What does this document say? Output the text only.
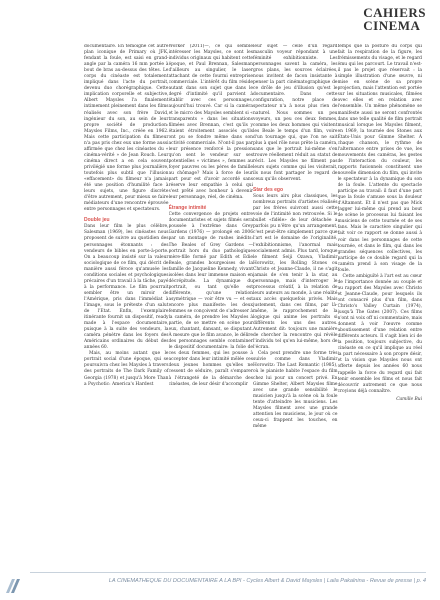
CAHIERS
CINEMA

documentaire. En témoigne cet autre plan iconique de Primary où JFK, fendant la foule, est saisi en grand-angle par la caméra 16 mm portée à bout de bras au-dessus des têtes. Le corps du cinéaste est totalement impliqué dans l'acte du portrait, devenu duo chorégraphique. Cette implication corporelle et subjective, Albert Maysles l'a finalement intimement pleinement dans les films réalisés avec son frère David, ingénieur du son, au sein de leur propre société de production: Maysles Films, Inc., créée en 1962. Mais cette participation du filmeur n'a pas pris chez eux une forme aussi affirmée que chez les cinéastes du « cinéma-vérité » de Jean Rouch. Leur cinéma direct a en cela souvent privilégié une forme plus journalière, toutefois plus subtil que l'illusion «effacement» du filmeur n'a jamais été une position d'humilité face à leurs sujets, une figure discrète d'être autrement, pour mieux se faire médiateurs d'une rencontre éprouvée entre personnages et spectateurs.

Double jeu

Dans leur film le plus célèbre, Salesman (1969), les cinéastes nous proposent de suivre au quotidien des personnages étonnants : des vendeurs de bibles en porte-à-porte. On a beaucoup insisté sur la valeur sociologique de ce film, qui décrit de manière aussi féroce qu'amusée les conditions sociales et psychologiques précaires d'un travail à la tâche, payé à la performance. Le film pourrait sembler être un miroir de l'Amérique, pris dans l'immédiat à l'image, sous le prétexte d'un salut de l'Etat. Enfin, l'exemplaire itinérante fournit un dispositif, ready made à l'espace documentaire, puisque à la suite des vendeurs, la caméra pénètre dans les foyers des Américains ordinaires du début des années 60.

Mais, au moins autant que le portrait social d'une époque, qui se poursuivra chez les Maysles à travers des portraits de The Dark Family of Georgia (1978) et jusqu'à More Than a Psychotic: America's Hardest

Worker (2011)—, ce qui semble intéresser les Maysles, ce sont les individus originaux qui habitent cette époque, et Paul Brennan, Salesman d'ailleurs au singulier, le laser attachant de cette fourmi entreprise commerciale. L'intérêt du film réside autant dans son sujet que dans le degré d'intimité qu'il parvient à établir avec ces personnages, aujourd'hui trouvé. Car si la caméra et le micro des Maysles semblent si « transparents » dans les situations filmées avec Brennan, c'est qu'ils y étaient étroitement associés qu'ils ont pu se fondre même dans son activité commerciale. N'ont-il pas par leur présence renforcé la pression qu'on sent le vendeur sur ses potentielles « victimes », femmes au foyer pauvres ou les pères de famille au chômage? Mais à force de leur part pour est d'avoir accordé sans réserve leur empathie à celui qui s'est prêté avec bonheur à devenir leur personnage, réel, de cinéma.

Étrange intimité

Cette convergence de projets entre documentaristes et sujets filmés sera poussée à l'extrême dans Grey Gardens (1976) — prolongé en 2006 par un montage de rushes inédits: The Beales of Grey Gardens — portrait hors du duo pathologique mère-fille formé par Edith et Edie Beale, grandes bourgeoises de la famille de Jacqueline Kennedy, vivant isolées dans leur immense maison en décrépitude. La dynamique du portrait, ou tant qu'elle est différente, qu'une relation asymétrique — voir être vu — et est encore plus manifeste: les deux femmes se conçoivent de s'adresser à la caméra, de prendre les Maysles à partie, de se mettre en scène pour eux, chantant, dansant, se disputant. À mesure que le film avance, le délire des personnages semble contaminer le dispositif documentaire: la folie de ces deux femmes, qui les pousse à accepter dans leur intimité mêlée ces deux jeunes hommes qu'elles ne cessent de séduire, paraît s'emparer à l'étrangeté de la démarche des cinéastes, de leur désir d'accomplir

leur sujet — celle d'un regard masculin voyeur répondant à une féminité exhibitionniste. Les personnages savent la caméra, les gros plans, les sources éclairées, nous invitent de facon insistante à penser la part cinématographique de ce drôle de jeu d'illusion qu'est le documentaire. Dans cette configuration, notre place de spectateur n'a à nous plus rien de naturel. Nous sommes un peu voyeurs, un peu ces deux femmes, comme les deux hommes qui visitent les Beale le temps d'un film, voire d'un tournage qui, que l'on ne sait plus à quel rôle nous prête la caméra, sans que le portrait lui-même s'en trouve réellement réduit au statut de récit. Les Maysles ne filment pas leurs sujets comme qui les visiterait, ils nous font partager le regard de ceux qu'ils observent.

Star des ego

Sous leurs airs plus classiques, les nombreux portraits d'artistes réalisés par les frères suivront aussi cette voie de l'intimité non retrouvée. Si le bullet «fidèle» de leur détachée a parfois pu n'être qu'un arrangement, c'est peut-être simplement parce que l'art est le domaine de l'originalité, l'exhibitionnisme, l'anormal mais socialement admis. Plus tard, lorsque le filment Seiji Ozawa, Vladimir Horowitz, les Rolling Stones ou Christo et Jeanne-Claude, il ne s'agit jamais de s'en tenir à la star, au personnage, mais d'interroger le processus créatif, à la relation de leurs auteurs au monde, à une réalité aux accès quelquefois privés. Mais justement, dans ces films, par là-même, le rapprochement de la logique qui anime les portraits si différents les uns des autres. Autrement dit: toujours une manière de chercher la rencontre qui révèle l'individu tel qu'en lui-même, hors de l'écran.

Cela peut prendre une forme très suivie comme dans Vladimir Horowitz: The Last Romantic (1985), où le pianiste habite l'espace du film chez lui pour un concert privé. En Gimme Shelter, Albert Maysles filme avec une grande sensibilité le musicien jusqu'à la scène où la foule tente d'atteindre les musiciens. Les Maysles filment avec une grande attention les musiciens, le jour où ce ceux-ci frappent les touches, en même

temps que la posture du corps qui fait la respiration de la figure, les frémissements du visage, et le regard ému qui les parcourt. Le travail n'est-il pas le projet que réservait : la simple illustration d'une œuvre, ni mise en scène de sa propre projection, mais l'attention est portée sur les situations musicales, filmées avec elles et en relation avec l'ensemble. Un même phénomène se manifeste aussi ne seront confrontés dans une telle qualité de film portrait musical lorsque les Maysles filment, en 1969, la tournée des Stones aux États-Unis pour Gimme Shelter. À chaque chanson, le rythme de l'alternance entre prises de vue, les mouvements des caméras, les gestes de l'interaction du couleur, les rapports fusionnels constituent une nouvelle dimension du film, qui invite le spectateur à la dynamique du son de la foule. L'attente du spectacle participe au travail: il faut d'une part que la foule s'amuse sous la douleur d'Altamont. Et il n'est pas que Mick Jagger lui-même qui prend au bout de scène le processus lui faisant les musiciens de cette tournée et de ses fans. Mais le caractère singulier qui fait voir ce rapport se donne aussi à voir dans les personnages de cette tournée, et dans le film, qui dans les grandes séquences collectives, les participe de ce double regard qui la caméra prend à son visage de la foule.

Cette ambiguïté à l'art est au cœur de l'importance donnée au couple et au rapport des Maysles avec Christo et Jeanne-Claude, pour lesquels ils ont consacré plus d'un film, dans Christo's Valley Curtain (1974), jusqu'à The Gates (2007). Ces films n'ont ni voix off ni commentaire, mais donnent à voir l'œuvre comme aboutissement d'une relation entre différents acteurs. Il s'agit bien ici de la position, toujours subjective, du cinéaste en ce qu'il implique au réel la part nécessaire à son propre désir, et la vision que Maysles nous ont offerte depuis les années 60 nous rappelle la force du regard qui fait tenir ensemble les films et nous fait découvrir autrement ce que nous croyions déjà connaître.

Camille Bui
LA CINEMATHEQUE DU DOCUMENTAIRE A LA BPI - Cycles Albert & David Maysles | Laila Pakalnina - Revue de presse | p. 4
